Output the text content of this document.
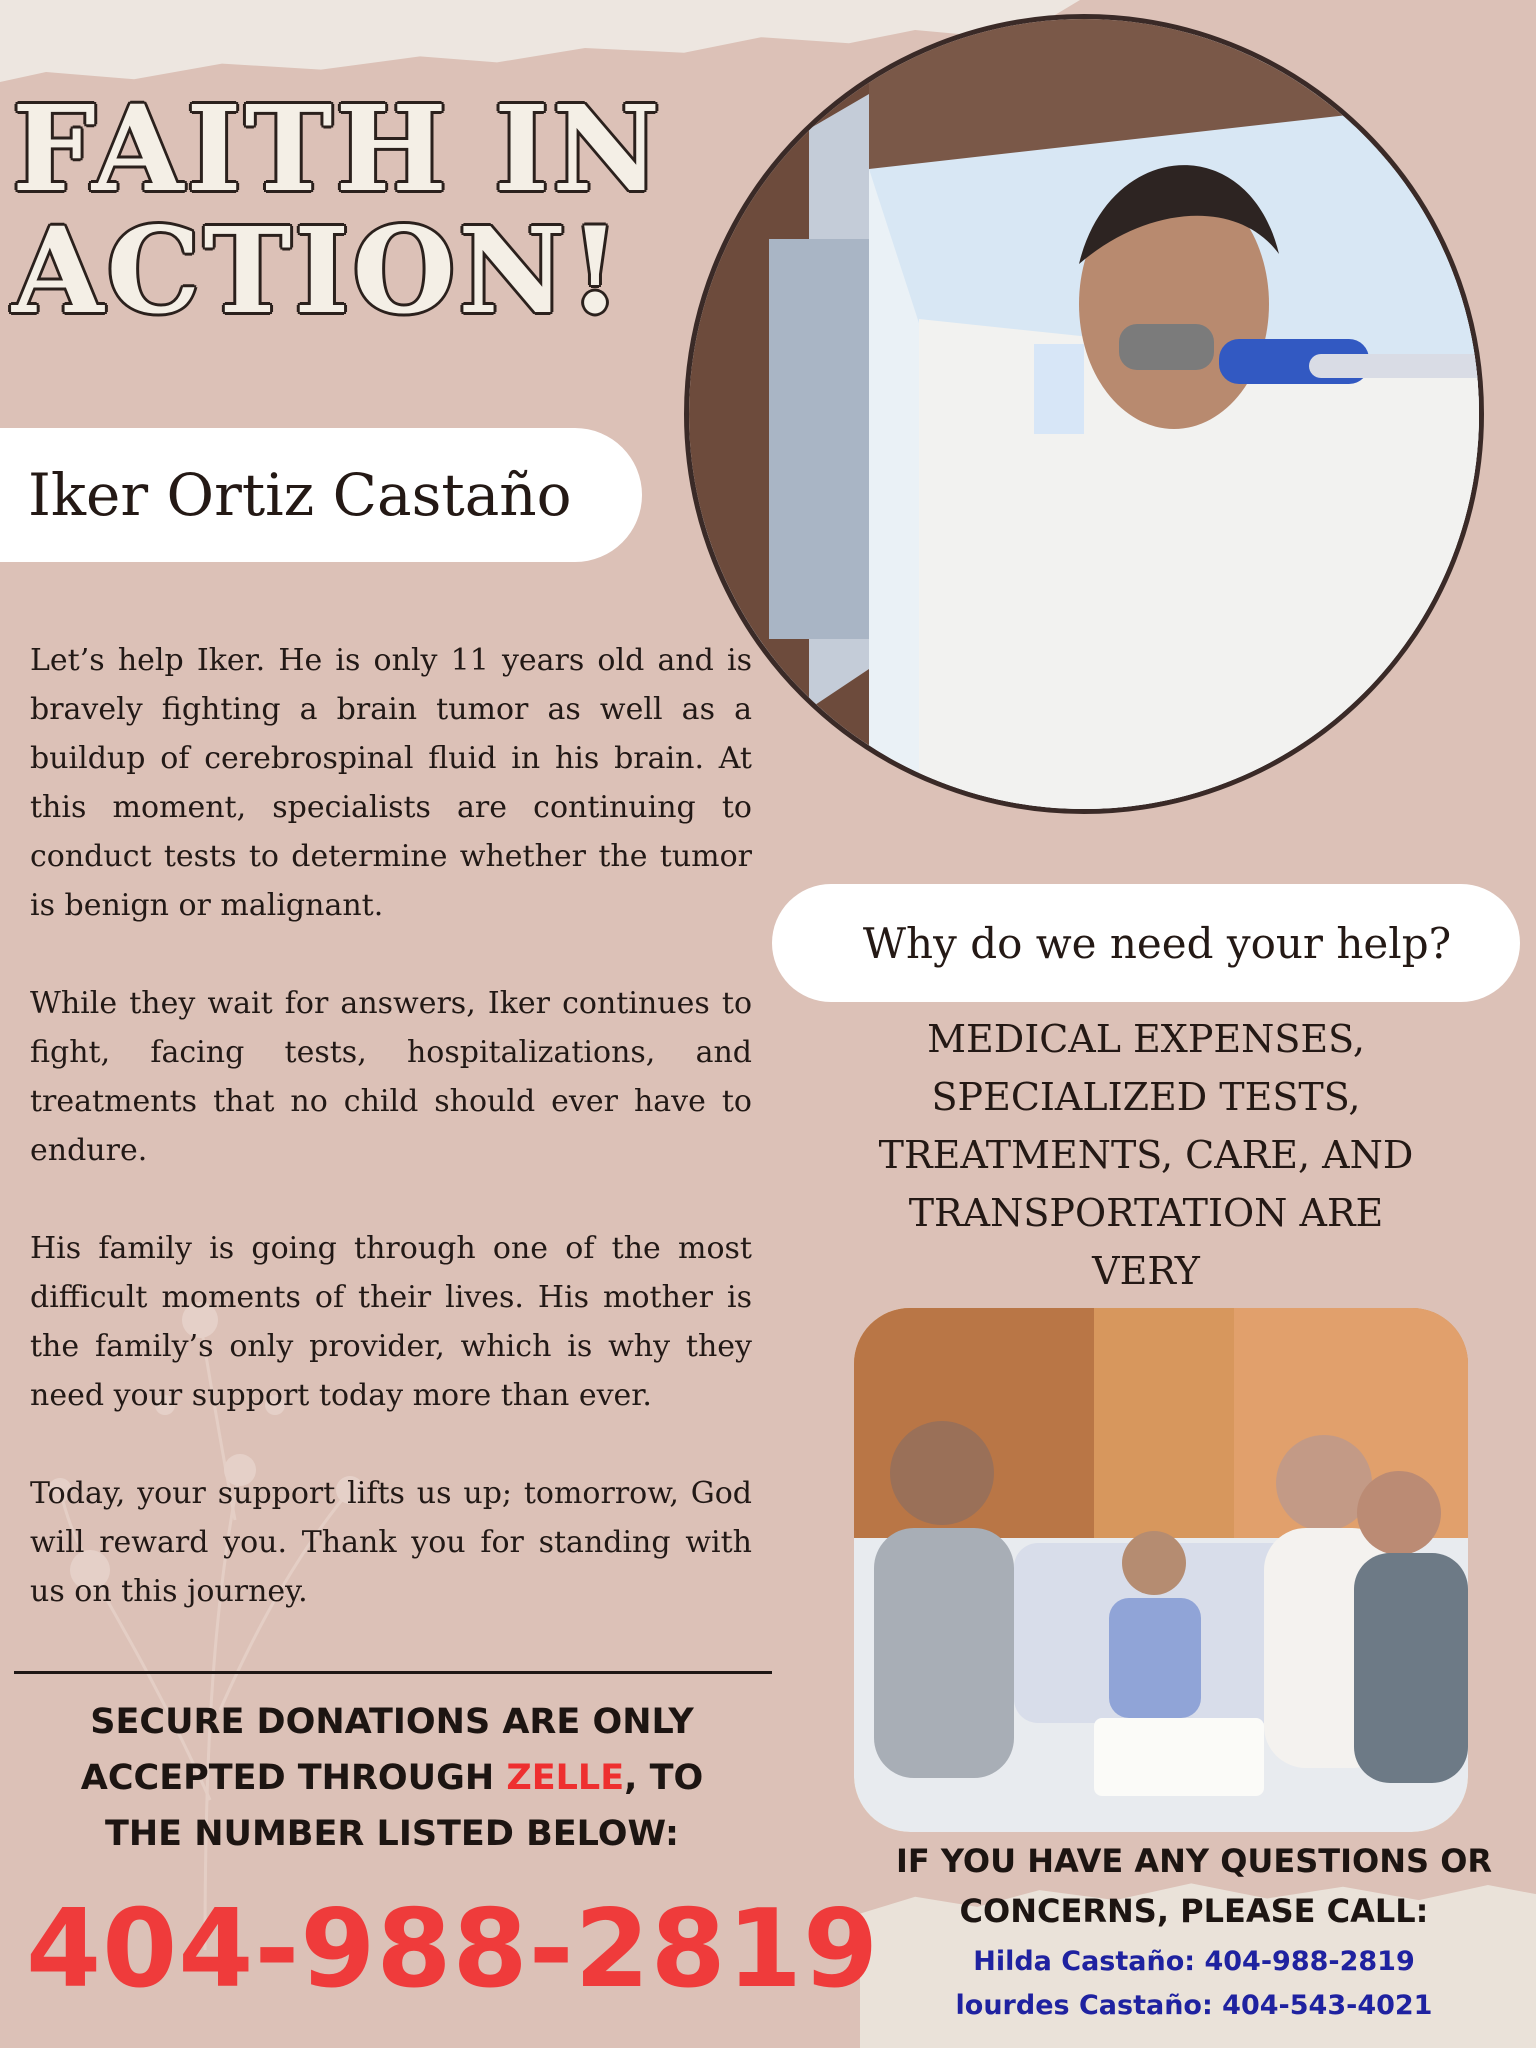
FAITH IN
ACTION!
Iker Ortiz Castaño

Let’s help Iker. He is only 11 years old and is bravely fighting a brain tumor as well as a buildup of cerebrospinal fluid in his brain. At this moment, specialists are continuing to conduct tests to determine whether the tumor is benign or malignant.

While they wait for answers, Iker continues to fight, facing tests, hospitalizations, and treatments that no child should ever have to endure.

His family is going through one of the most difficult moments of their lives. His mother is the family’s only provider, which is why they need your support today more than ever.

Today, your support lifts us up; tomorrow, God will reward you. Thank you for standing with us on this journey.

SECURE DONATIONS ARE ONLY
ACCEPTED THROUGH ZELLE, TO
THE NUMBER LISTED BELOW:
404-988-2819
Why do we need your help?
MEDICAL EXPENSES,
SPECIALIZED TESTS,
TREATMENTS, CARE, AND
TRANSPORTATION ARE VERY
IF YOU HAVE ANY QUESTIONS OR
CONCERNS, PLEASE CALL:
Hilda Castaño: 404-988-2819
lourdes Castaño: 404-543-4021
